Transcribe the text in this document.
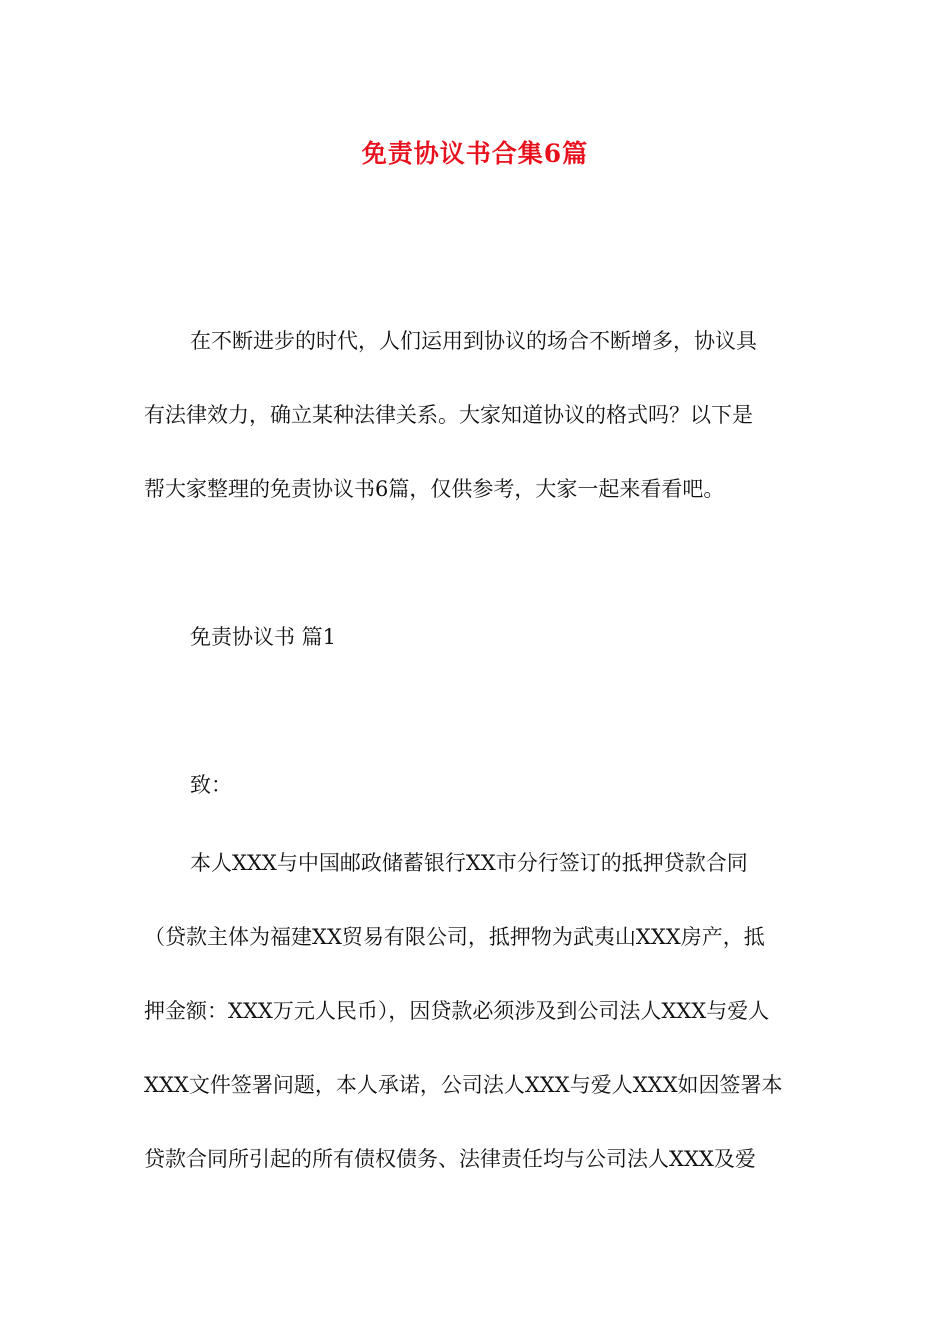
免责协议书合集6篇
在不断进步的时代，人们运用到协议的场合不断增多，协议具
有法律效力，确立某种法律关系。大家知道协议的格式吗？以下是
帮大家整理的免责协议书6篇，仅供参考，大家一起来看看吧。
免责协议书 篇1
致：
本人XXX与中国邮政储蓄银行XX市分行签订的抵押贷款合同
（贷款主体为福建XX贸易有限公司，抵押物为武夷山XXX房产，抵
押金额：XXX万元人民币），因贷款必须涉及到公司法人XXX与爱人
XXX文件签署问题，本人承诺，公司法人XXX与爱人XXX如因签署本
贷款合同所引起的所有债权债务、法律责任均与公司法人XXX及爱
